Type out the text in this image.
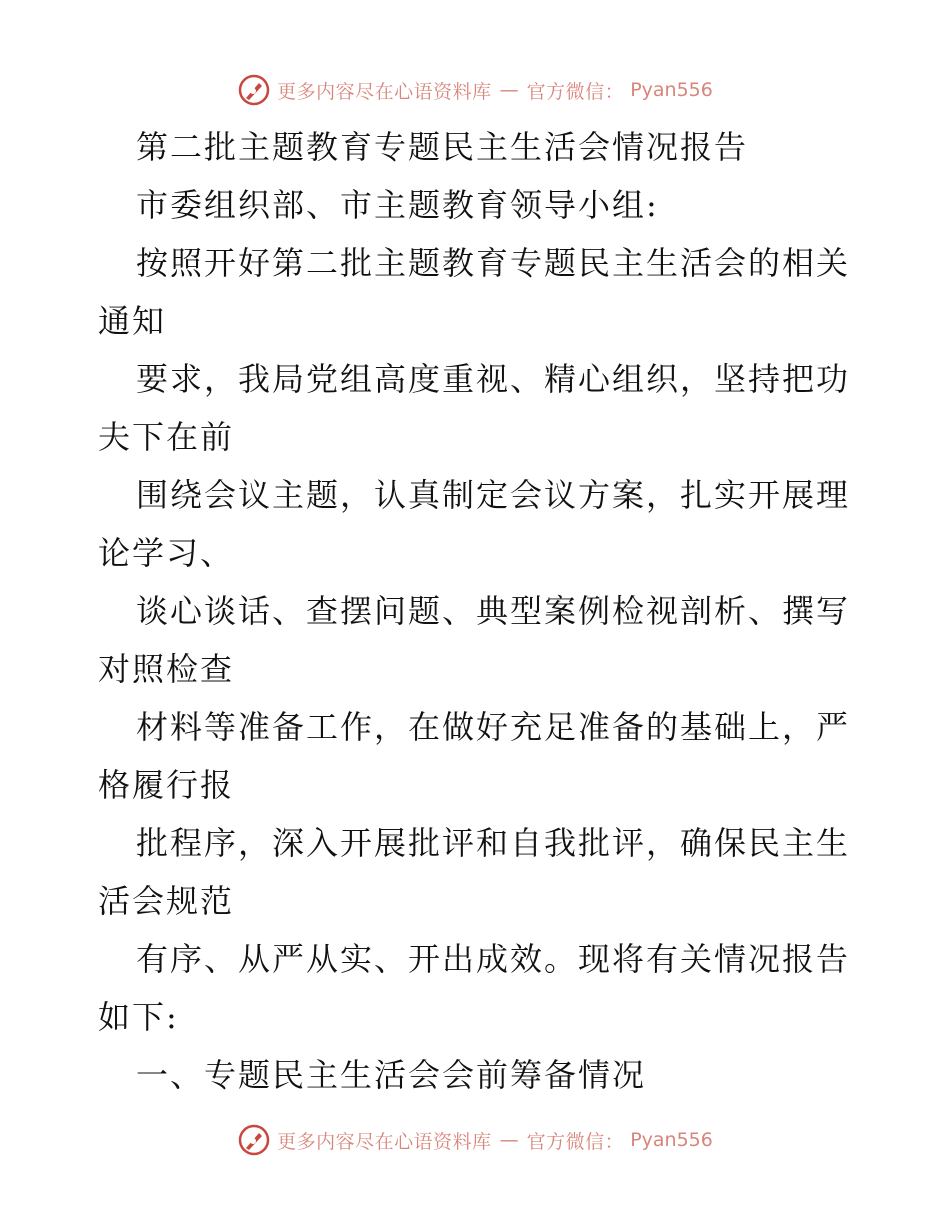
更多内容尽在心语资料库 — 官方微信： Pyan556
第二批主题教育专题民主生活会情况报告
市委组织部、市主题教育领导小组:
按照开好第二批主题教育专题民主生活会的相关
通知
要求，我局党组高度重视、精心组织，坚持把功
夫下在前
围绕会议主题，认真制定会议方案，扎实开展理
论学习、
谈心谈话、查摆问题、典型案例检视剖析、撰写
对照检查
材料等准备工作，在做好充足准备的基础上，严
格履行报
批程序，深入开展批评和自我批评，确保民主生
活会规范
有序、从严从实、开出成效。现将有关情况报告
如下:
一、专题民主生活会会前筹备情况
更多内容尽在心语资料库 — 官方微信： Pyan556
